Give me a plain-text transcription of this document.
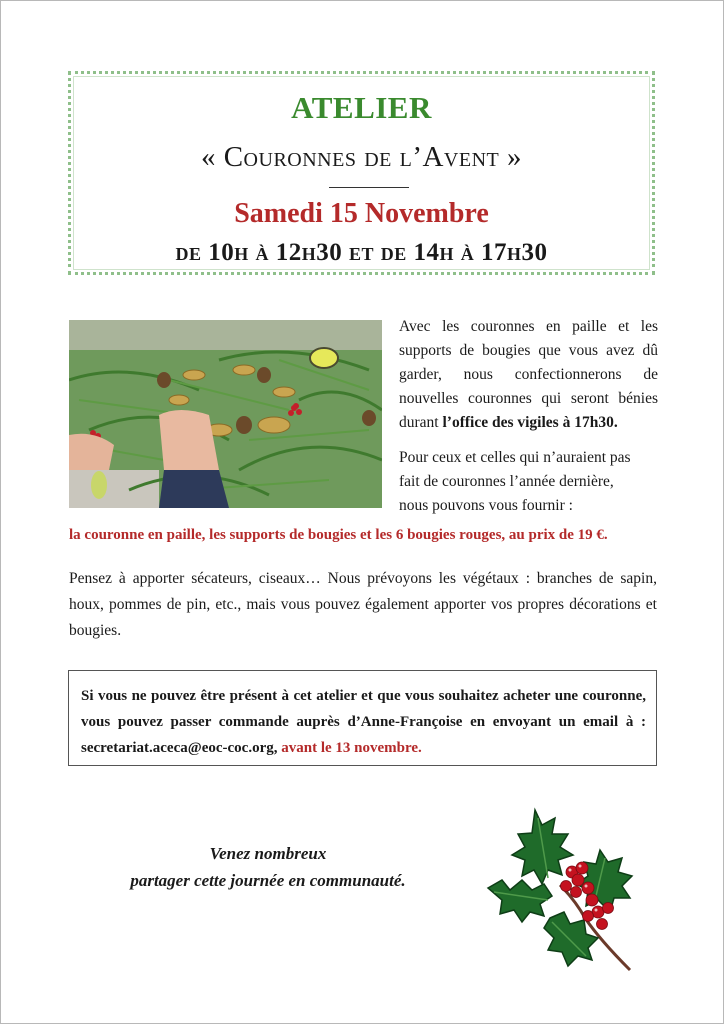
ATELIER
« Couronnes de l’Avent »
Samedi 15 Novembre
de 10h à 12h30 et de 14h à 17h30
Avec les couronnes en paille et les supports de bougies que vous avez dû garder, nous confectionnerons de nouvelles couronnes qui seront bénies durant l’office des vigiles à 17h30.
Pour ceux et celles qui n’auraient pas
fait de couronnes l’année dernière,
nous pouvons vous fournir :
la couronne en paille, les supports de bougies et les 6 bougies rouges, au prix de 19 €.
Pensez à apporter sécateurs, ciseaux… Nous prévoyons les végétaux : branches de sapin, houx, pommes de pin, etc., mais vous pouvez également apporter vos propres décorations et bougies.
Si vous ne pouvez être présent à cet atelier et que vous souhaitez acheter une couronne, vous pouvez passer commande auprès d’Anne-Françoise en envoyant un email à : secretariat.aceca@eoc-coc.org, avant le 13 novembre.
Venez nombreux
partager cette journée en communauté.
